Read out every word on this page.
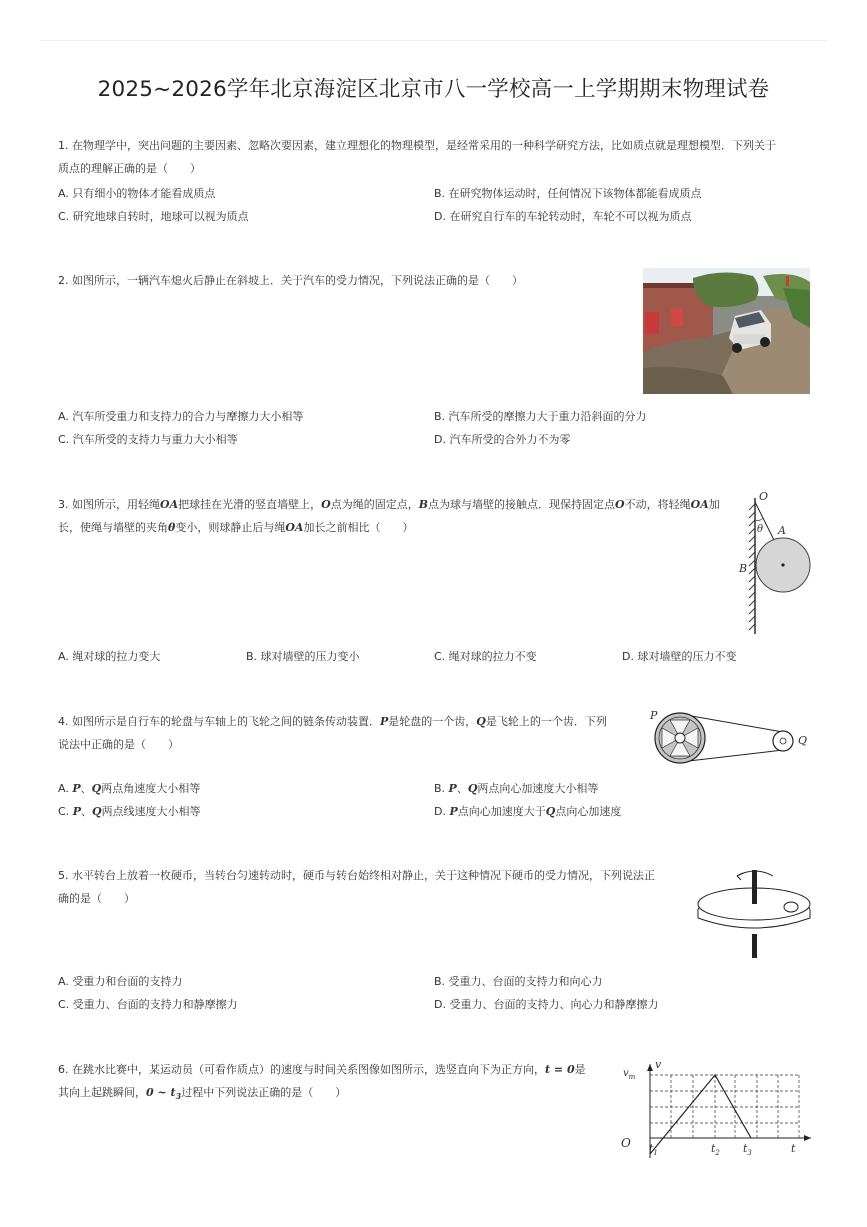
2025~2026学年北京海淀区北京市八一学校高一上学期期末物理试卷
1. 在物理学中，突出问题的主要因素、忽略次要因素，建立理想化的物理模型，是经常采用的一种科学研究方法，比如质点就是理想模型．下列关于
质点的理解正确的是（　　）
A. 只有细小的物体才能看成质点	B. 在研究物体运动时，任何情况下该物体都能看成质点
C. 研究地球自转时，地球可以视为质点	D. 在研究自行车的车轮转动时，车轮不可以视为质点
2. 如图所示，一辆汽车熄火后静止在斜坡上．关于汽车的受力情况，下列说法正确的是（　　）
A. 汽车所受重力和支持力的合力与摩擦力大小相等	B. 汽车所受的摩擦力大于重力沿斜面的分力
C. 汽车所受的支持力与重力大小相等	D. 汽车所受的合外力不为零
3. 如图所示，用轻绳OA把球挂在光滑的竖直墙壁上，O点为绳的固定点，B点为球与墙壁的接触点．现保持固定点O不动，将轻绳OA加长，使绳与墙壁的夹角θ变小，则球静止后与绳OA加长之前相比（　　）
O
θ A
B
A. 绳对球的拉力变大	B. 球对墙壁的压力变小	C. 绳对球的拉力不变	D. 球对墙壁的压力不变
4. 如图所示是自行车的轮盘与车轴上的飞轮之间的链条传动装置．P是轮盘的一个齿，Q是飞轮上的一个齿．下列
说法中正确的是（　　）
P
Q
A. P、Q两点角速度大小相等	B. P、Q两点向心加速度大小相等
C. P、Q两点线速度大小相等	D. P点向心加速度大于Q点向心加速度
5. 水平转台上放着一枚硬币，当转台匀速转动时，硬币与转台始终相对静止，关于这种情况下硬币的受力情况，下列说法正
确的是（　　）
A. 受重力和台面的支持力	B. 受重力、台面的支持力和向心力
C. 受重力、台面的支持力和静摩擦力	D. 受重力、台面的支持力、向心力和静摩擦力
6. 在跳水比赛中，某运动员（可看作质点）的速度与时间关系图像如图所示，选竖直向下为正方向，t = 0是
其向上起跳瞬间，0 ~ $t_3$过程中下列说法正确的是（　　）
v
$v_m$
O $t_1$	$t_2$ $t_3$	t
